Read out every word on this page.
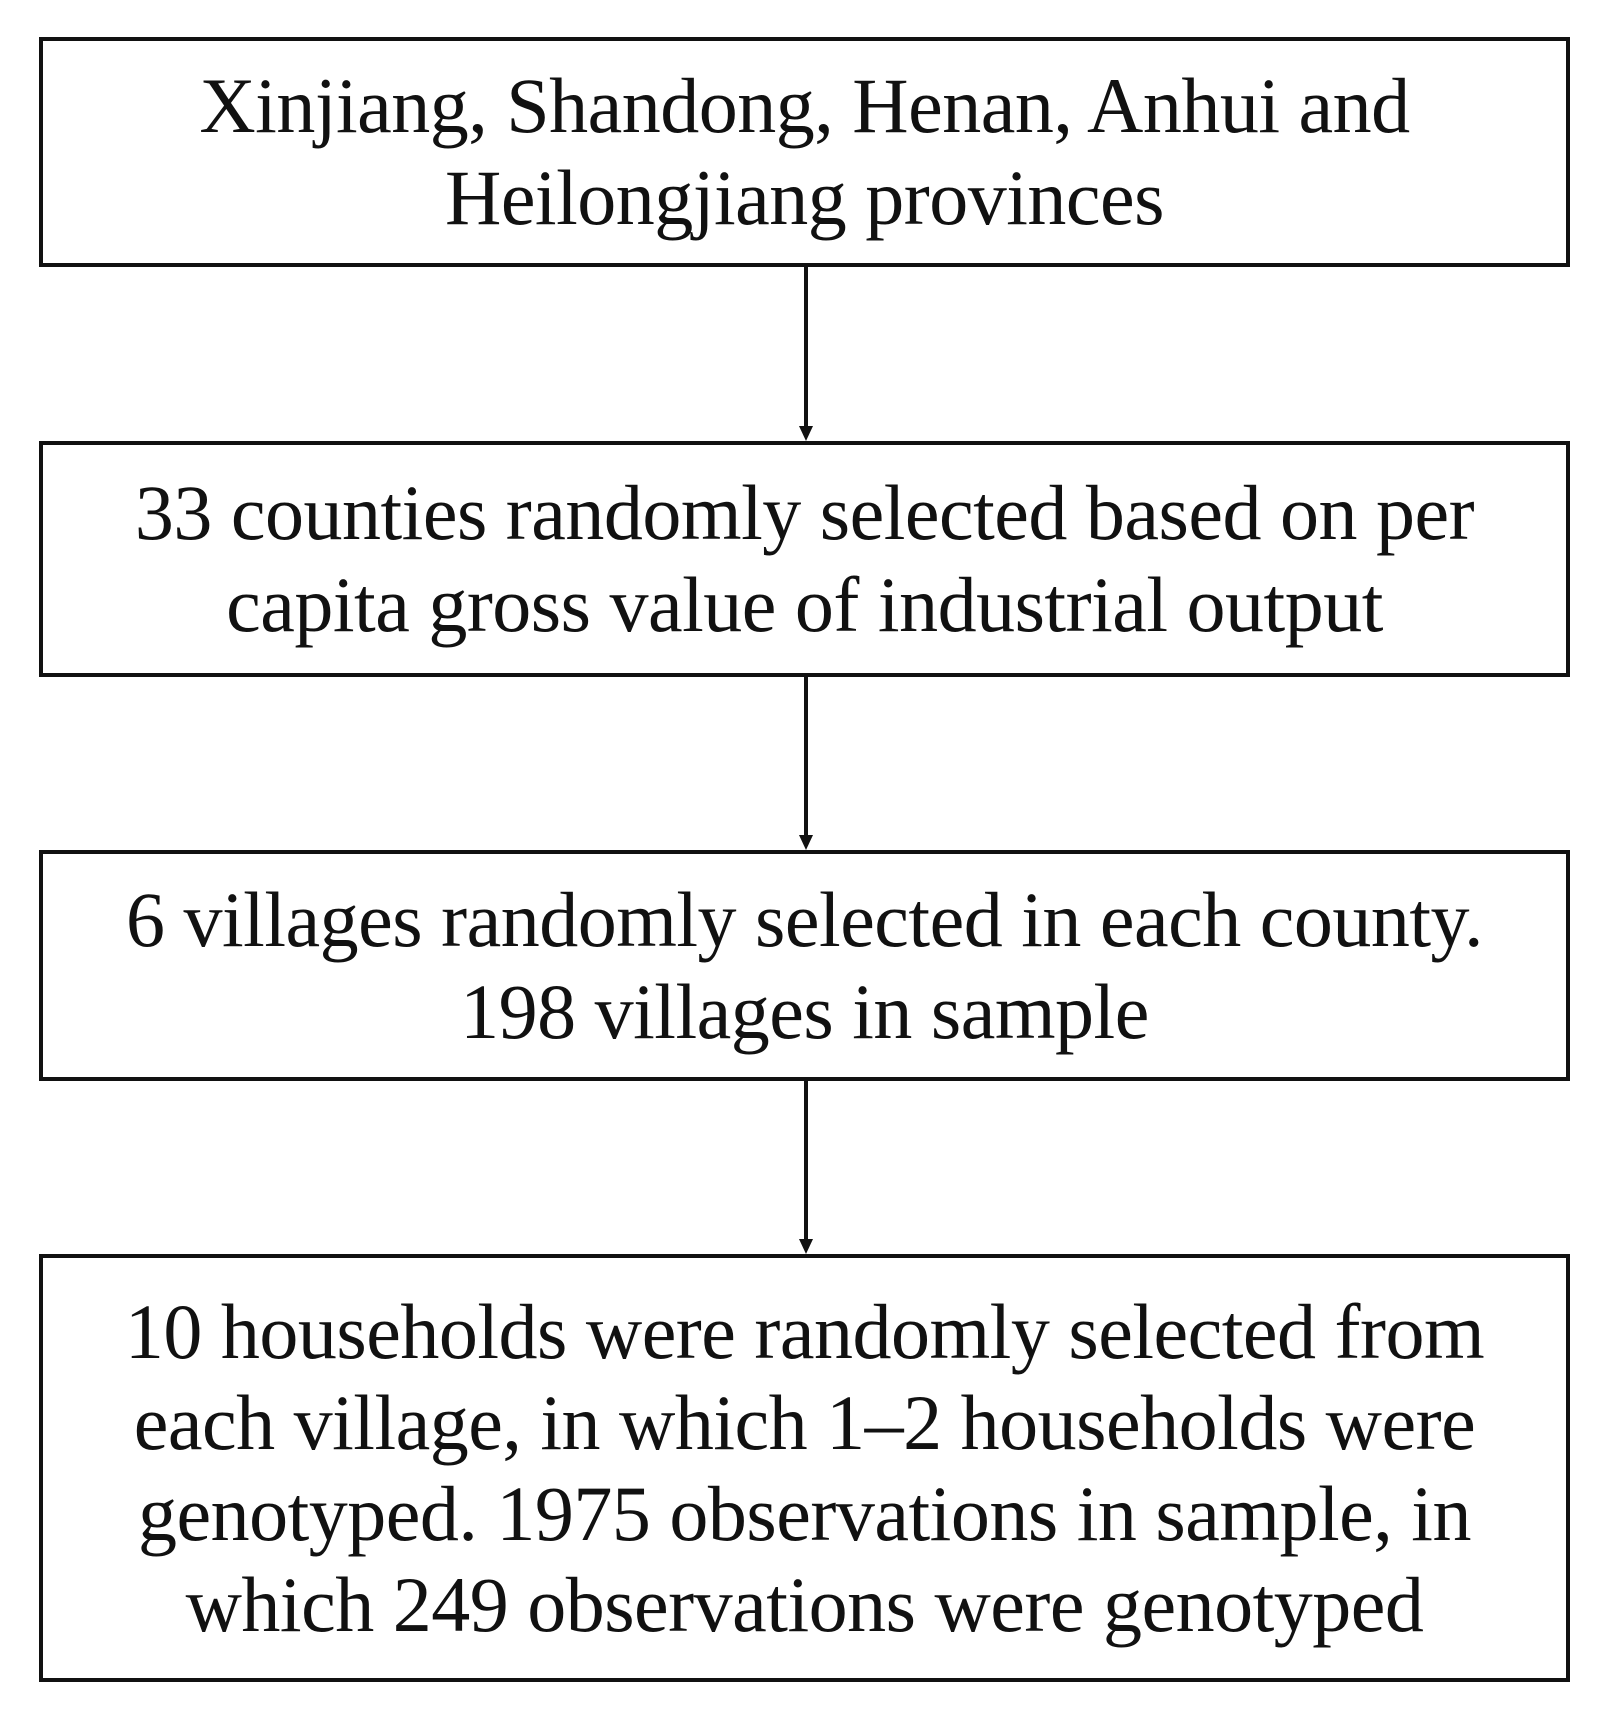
Xinjiang, Shandong, Henan, Anhui and
Heilongjiang provinces

33 counties randomly selected based on per
capita gross value of industrial output

6 villages randomly selected in each county.
198 villages in sample

10 households were randomly selected from
each village, in which 1–2 households were
genotyped. 1975 observations in sample, in
which 249 observations were genotyped
